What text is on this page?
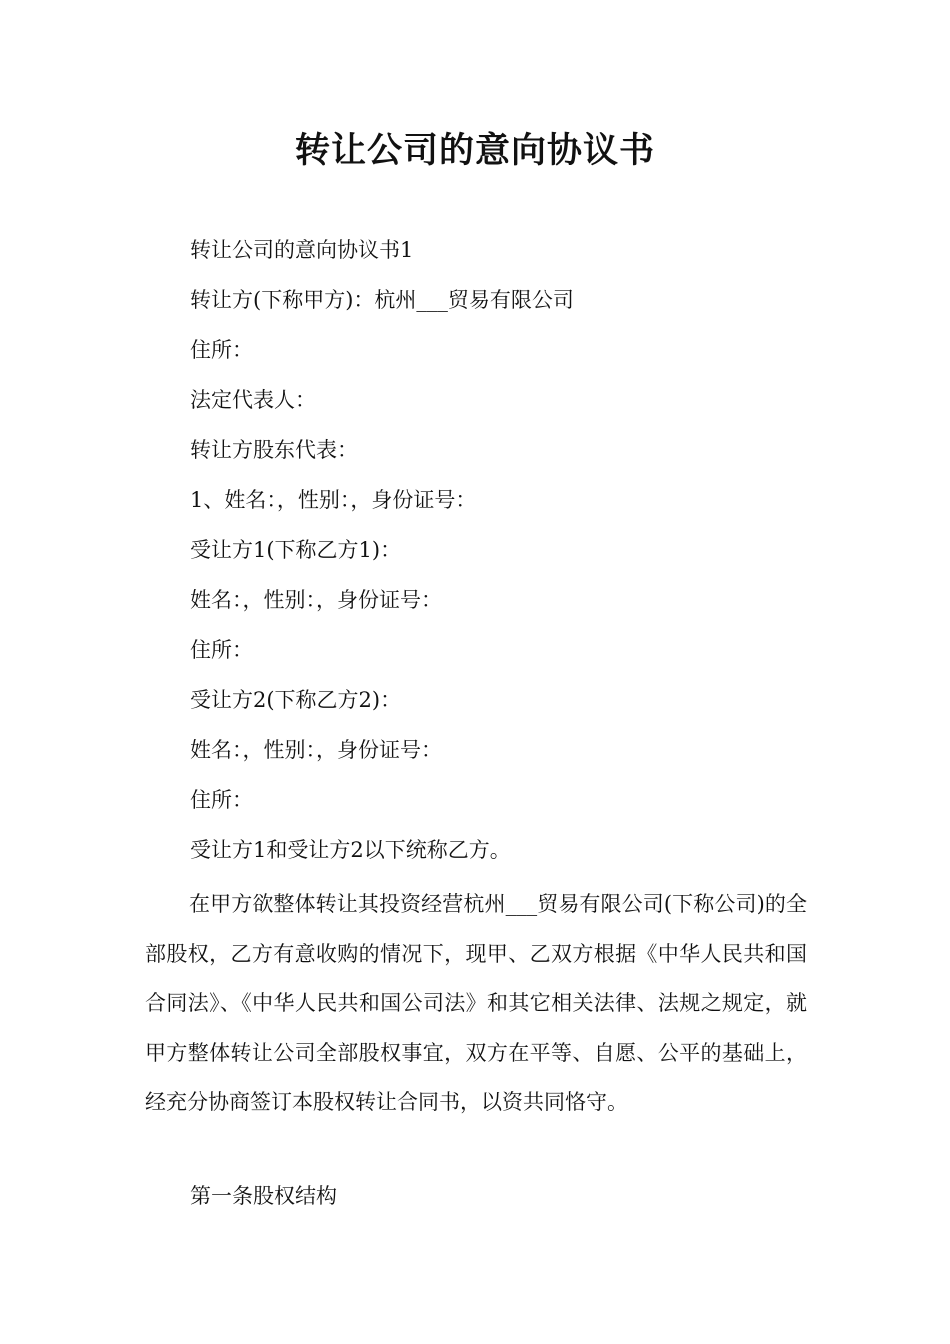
转让公司的意向协议书

转让公司的意向协议书1

转让方(下称甲方)：杭州___贸易有限公司

住所：

法定代表人：

转让方股东代表：

1、姓名：，性别：，身份证号：

受让方1(下称乙方1)：

姓名：，性别：，身份证号：

住所：

受让方2(下称乙方2)：

姓名：，性别：，身份证号：

住所：

受让方1和受让方2以下统称乙方。

在甲方欲整体转让其投资经营杭州___贸易有限公司(下称公司)的全部股权，乙方有意收购的情况下，现甲、乙双方根据《中华人民共和国合同法》、《中华人民共和国公司法》和其它相关法律、法规之规定，就甲方整体转让公司全部股权事宜，双方在平等、自愿、公平的基础上，经充分协商签订本股权转让合同书，以资共同恪守。

第一条股权结构
